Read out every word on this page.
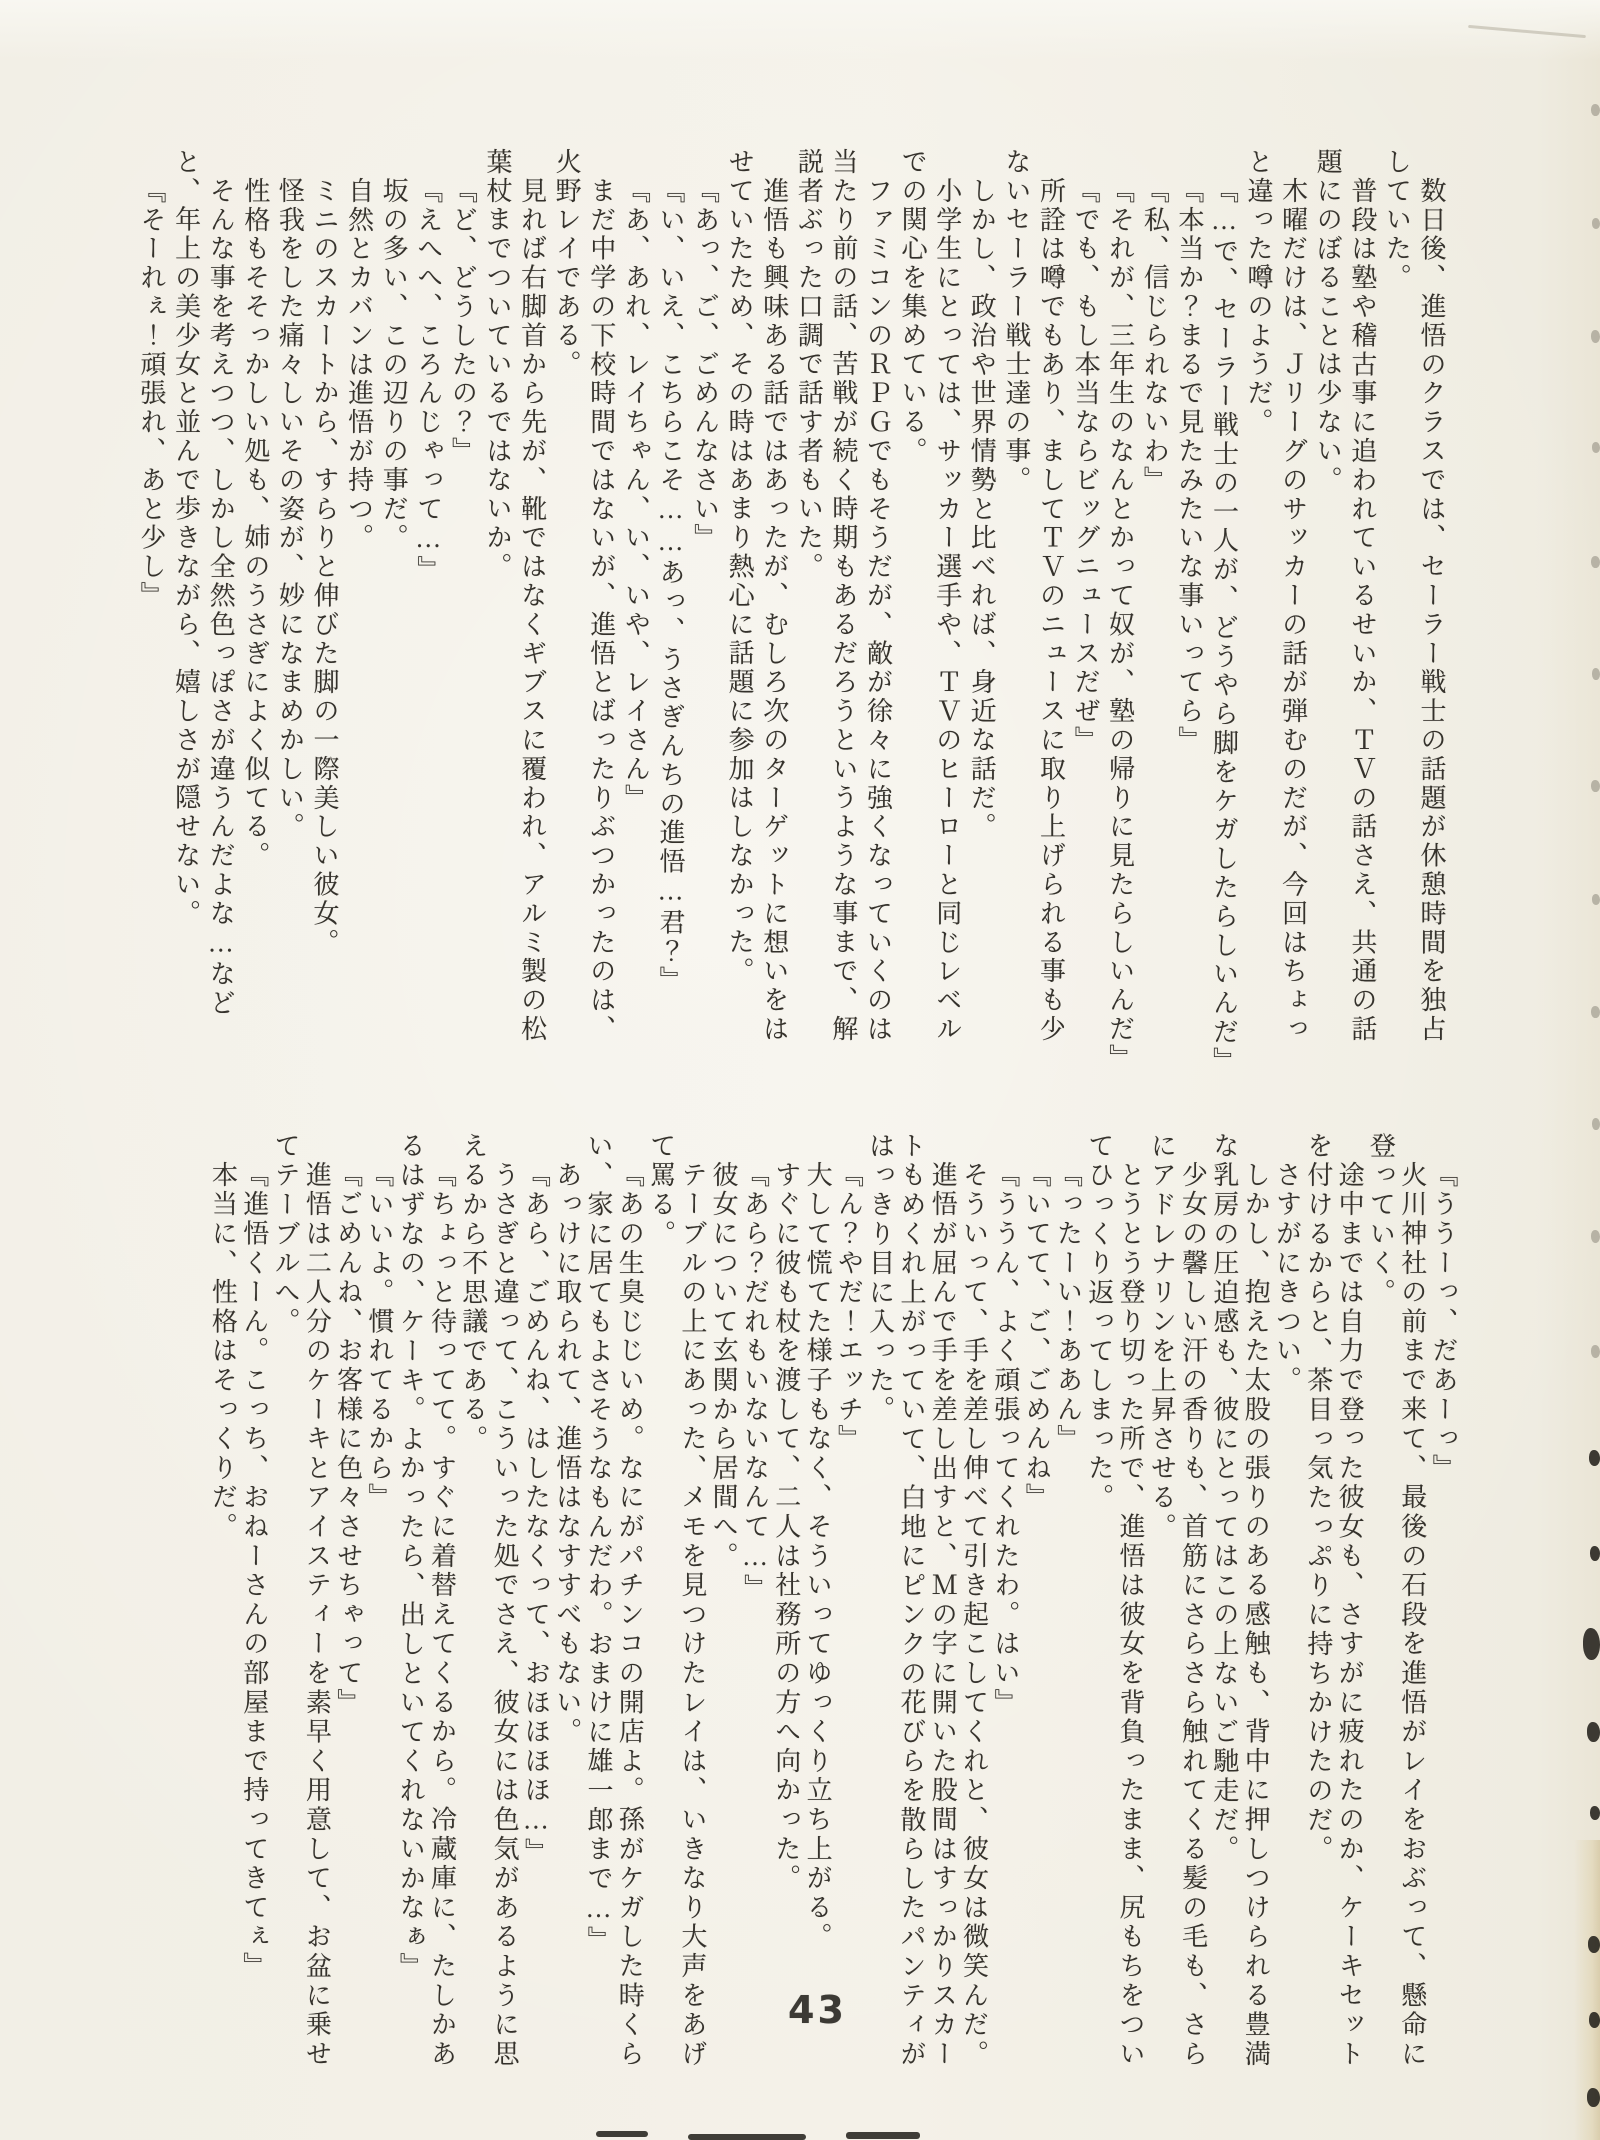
数日後、進悟のクラスでは、セーラー戦士の話題が休憩時間を独占していた。

普段は塾や稽古事に追われているせいか、ＴＶの話さえ、共通の話題にのぼることは少ない。

木曜だけは、Ｊリーグのサッカーの話が弾むのだが、今回はちょっと違った噂のようだ。

『…で、セーラー戦士の一人が、どうやら脚をケガしたらしいんだ』

『本当か？まるで見たみたいな事いってら』

『私、信じられないわ』

『それが、三年生のなんとかって奴が、塾の帰りに見たらしいんだ』

『でも、もし本当ならビッグニュースだぜ』

所詮は噂でもあり、ましてＴＶのニュースに取り上げられる事も少ないセーラー戦士達の事。

しかし、政治や世界情勢と比べれば、身近な話だ。

小学生にとっては、サッカー選手や、ＴＶのヒーローと同じレベルでの関心を集めている。

ファミコンのＲＰＧでもそうだが、敵が徐々に強くなっていくのは当たり前の話、苦戦が続く時期もあるだろうというような事まで、解説者ぶった口調で話す者もいた。

進悟も興味ある話ではあったが、むしろ次のターゲットに想いをはせていたため、その時はあまり熱心に話題に参加はしなかった。

『あっ、ご、ごめんなさい』

『い、いえ、こちらこそ……あっ、うさぎんちの進悟…君？』

『あ、あれ、レイちゃん、い、いや、レイさん』

まだ中学の下校時間ではないが、進悟とばったりぶつかったのは、火野レイである。

見れば右脚首から先が、靴ではなくギブスに覆われ、アルミ製の松葉杖までついているではないか。

『ど、どうしたの？』

『えへへ、ころんじゃって…』

坂の多い、この辺りの事だ。

自然とカバンは進悟が持つ。

ミニのスカートから、すらりと伸びた脚の一際美しい彼女。

怪我をした痛々しいその姿が、妙になまめかしい。

性格もそそっかしい処も、姉のうさぎによく似てる。

そんな事を考えつつ、しかし全然色っぽさが違うんだよな…などと、年上の美少女と並んで歩きながら、嬉しさが隠せない。

『そーれぇ！頑張れ、あと少し』

『ううーっ、だあーっ』

火川神社の前まで来て、最後の石段を進悟がレイをおぶって、懸命に登っていく。

途中までは自力で登った彼女も、さすがに疲れたのか、ケーキセットを付けるからと、茶目っ気たっぷりに持ちかけたのだ。

さすがにきつい。

しかし、抱えた太股の張りのある感触も、背中に押しつけられる豊満な乳房の圧迫感も、彼にとってはこの上ないご馳走だ。

少女の馨しい汗の香りも、首筋にさらさら触れてくる髪の毛も、さらにアドレナリンを上昇させる。

とうとう登り切った所で、進悟は彼女を背負ったまま、尻もちをついてひっくり返ってしまった。

『ったーい！ああん』

『いてて、ご、ごめんね』

『ううん、よく頑張ってくれたわ。はい』

そういって、手を差し伸べて引き起こしてくれと、彼女は微笑んだ。

進悟が屈んで手を差し出すと、Ｍの字に開いた股間はすっかりスカートもめくれ上がっていて、白地にピンクの花びらを散らしたパンティがはっきり目に入った。

『ん？やだ！エッチ』

大して慌てた様子もなく、そういってゆっくり立ち上がる。

すぐに彼も杖を渡して、二人は社務所の方へ向かった。

『あら？だれもいないなんて…』

彼女について玄関から居間へ。

テーブルの上にあった、メモを見つけたレイは、いきなり大声をあげて罵る。

『あの生臭じじいめ。なにがパチンコの開店よ。孫がケガした時くらい、家に居てもよさそうなもんだわ。おまけに雄一郎まで…』

あっけに取られて、進悟はなすすべもない。

『あら、ごめんね、はしたなくって、おほほほほ…』

うさぎと違って、こういった処でさえ、彼女には色気があるように思えるから不思議である。

『ちょっと待ってて。すぐに着替えてくるから。冷蔵庫に、たしかあるはずなの、ケーキ。よかったら、出しといてくれないかなぁ』

『いいよ。慣れてるから』

『ごめんね、お客様に色々させちゃって』

進悟は二人分のケーキとアイスティーを素早く用意して、お盆に乗せてテーブルへ。

『進悟くーん。こっち、おねーさんの部屋まで持ってきてぇ』

本当に、性格はそっくりだ。

43
